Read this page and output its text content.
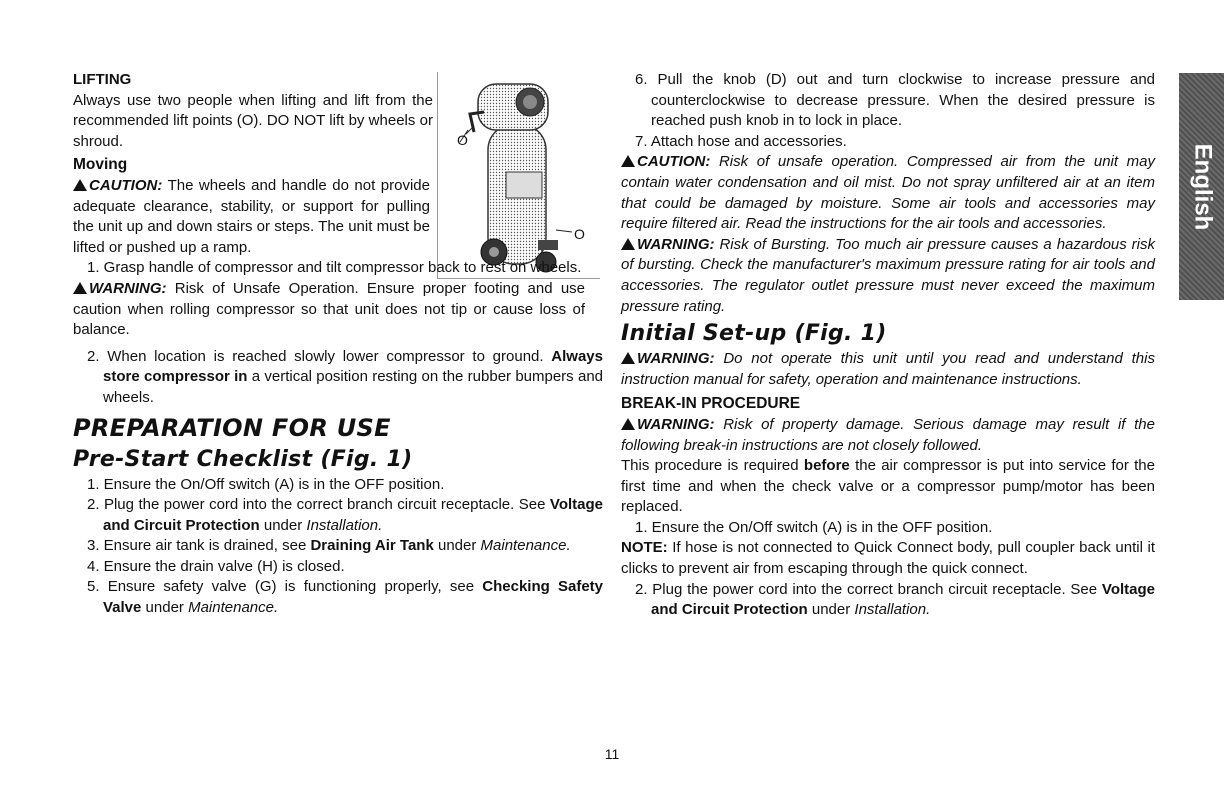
English
O
O

LIFTING

Always use two people when lifting and lift from the recommended lift points (O). DO NOT lift by wheels or shroud.

Moving

CAUTION: The wheels and handle do not provide adequate clearance, stability, or support for pulling the unit up and down stairs or steps. The unit must be lifted or pushed up a ramp.

1. Grasp handle of compressor and tilt compressor back to rest on wheels.

WARNING: Risk of Unsafe Operation. Ensure proper footing and use caution when rolling compressor so that unit does not tip or cause loss of balance.

2. When location is reached slowly lower compressor to ground. Always store compressor in a vertical position resting on the rubber bumpers and wheels.

PREPARATION FOR USE

Pre-Start Checklist (Fig. 1)

1. Ensure the On/Off switch (A) is in the OFF position.

2. Plug the power cord into the correct branch circuit receptacle. See Voltage and Circuit Protection under Installation.

3. Ensure air tank is drained, see Draining Air Tank under Maintenance.

4. Ensure the drain valve (H) is closed.

5. Ensure safety valve (G) is functioning properly, see Checking Safety Valve under Maintenance.

6. Pull the knob (D) out and turn clockwise to increase pressure and counterclockwise to decrease pressure. When the desired pressure is reached push knob in to lock in place.

7. Attach hose and accessories.

CAUTION: Risk of unsafe operation. Compressed air from the unit may contain water condensation and oil mist. Do not spray unfiltered air at an item that could be damaged by moisture. Some air tools and accessories may require filtered air. Read the instructions for the air tools and accessories.

WARNING: Risk of Bursting. Too much air pressure causes a hazardous risk of bursting. Check the manufacturer's maximum pressure rating for air tools and accessories. The regulator outlet pressure must never exceed the maximum pressure rating.

Initial Set-up (Fig. 1)

WARNING: Do not operate this unit until you read and understand this instruction manual for safety, operation and maintenance instructions.

BREAK-IN PROCEDURE

WARNING: Risk of property damage. Serious damage may result if the following break-in instructions are not closely followed.

This procedure is required before the air compressor is put into service for the first time and when the check valve or a compressor pump/motor has been replaced.

1. Ensure the On/Off switch (A) is in the OFF position.

NOTE: If hose is not connected to Quick Connect body, pull coupler back until it clicks to prevent air from escaping through the quick connect.

2. Plug the power cord into the correct branch circuit receptacle. See Voltage and Circuit Protection under Installation.

11
